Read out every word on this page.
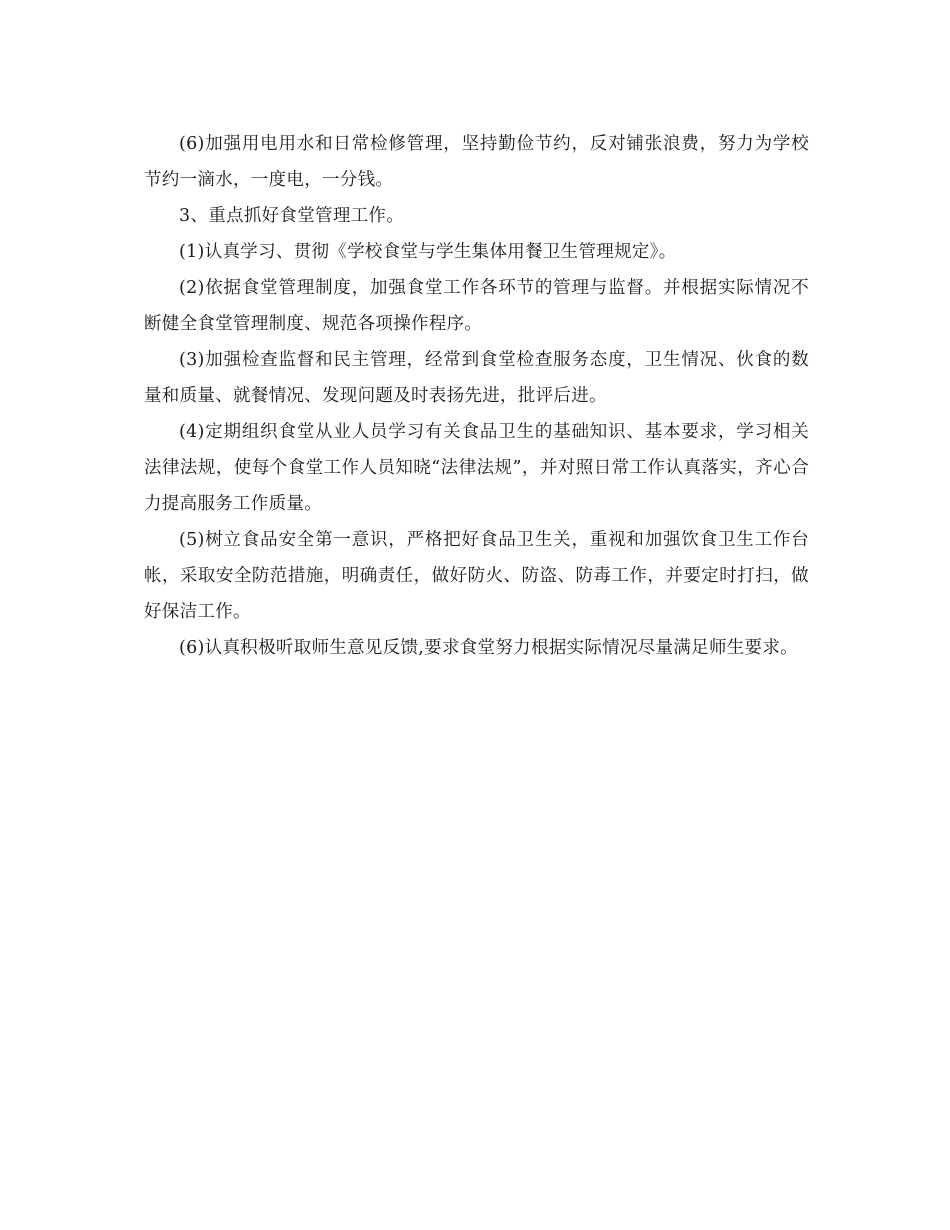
(6)加强用电用水和日常检修管理，坚持勤俭节约，反对铺张浪费，努力为学校节约一滴水，一度电，一分钱。

3、重点抓好食堂管理工作。

(1)认真学习、贯彻《学校食堂与学生集体用餐卫生管理规定》。

(2)依据食堂管理制度，加强食堂工作各环节的管理与监督。并根据实际情况不断健全食堂管理制度、规范各项操作程序。

(3)加强检查监督和民主管理，经常到食堂检查服务态度，卫生情况、伙食的数量和质量、就餐情况、发现问题及时表扬先进，批评后进。

(4)定期组织食堂从业人员学习有关食品卫生的基础知识、基本要求，学习相关法律法规，使每个食堂工作人员知晓“法律法规”，并对照日常工作认真落实，齐心合力提高服务工作质量。

(5)树立食品安全第一意识，严格把好食品卫生关，重视和加强饮食卫生工作台帐，采取安全防范措施，明确责任，做好防火、防盗、防毒工作，并要定时打扫，做好保洁工作。

(6)认真积极听取师生意见反馈,要求食堂努力根据实际情况尽量满足师生要求。
